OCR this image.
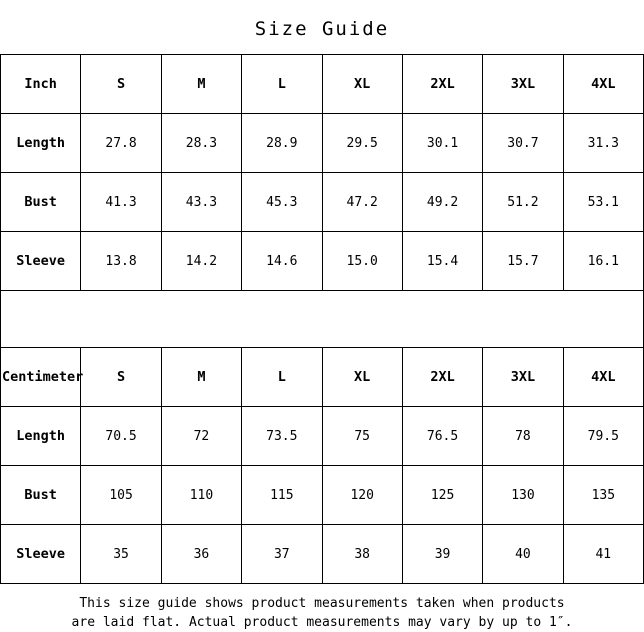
Size Guide
Inch	S	M	L	XL	2XL	3XL	4XL
Length	27.8	28.3	28.9	29.5	30.1	30.7	31.3
Bust	41.3	43.3	45.3	47.2	49.2	51.2	53.1
Sleeve	13.8	14.2	14.6	15.0	15.4	15.7	16.1
Centimeter	S	M	L	XL	2XL	3XL	4XL
Length	70.5	72	73.5	75	76.5	78	79.5
Bust	105	110	115	120	125	130	135
Sleeve	35	36	37	38	39	40	41
This size guide shows product measurements taken when products
are laid flat. Actual product measurements may vary by up to 1″.
